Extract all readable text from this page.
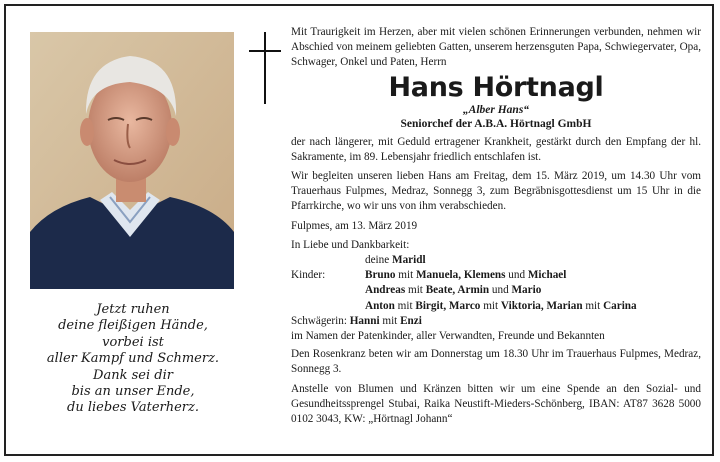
Jetzt ruhen
deine fleißigen Hände,
vorbei ist
aller Kampf und Schmerz.
Dank sei dir
bis an unser Ende,
du liebes Vaterherz.
Mit Traurigkeit im Herzen, aber mit vielen schönen Erinnerungen verbunden, nehmen wir Abschied von meinem geliebten Gatten, unserem herzensguten Papa, Schwiegervater, Opa, Schwager, Onkel und Paten, Herrn
Hans Hörtnagl
„Alber Hans“
Seniorchef der A.B.A. Hörtnagl GmbH
der nach längerer, mit Geduld ertragener Krankheit, gestärkt durch den Empfang der hl. Sakramente, im 89. Lebensjahr friedlich entschlafen ist.
Wir begleiten unseren lieben Hans am Freitag, dem 15. März 2019, um 14.30 Uhr vom Trauerhaus Fulpmes, Medraz, Sonnegg 3, zum Begräbnisgottesdienst um 15 Uhr in die Pfarrkirche, wo wir uns von ihm verabschieden.
Fulpmes, am 13. März 2019
In Liebe und Dankbarkeit:
deine Maridl
Kinder:	Bruno mit Manuela, Klemens und Michael
Andreas mit Beate, Armin und Mario
Anton mit Birgit, Marco mit Viktoria, Marian mit Carina
Schwägerin: Hanni mit Enzi
im Namen der Patenkinder, aller Verwandten, Freunde und Bekannten
Den Rosenkranz beten wir am Donnerstag um 18.30 Uhr im Trauerhaus Fulpmes, Medraz, Sonnegg 3.
Anstelle von Blumen und Kränzen bitten wir um eine Spende an den Sozial- und Gesundheitssprengel Stubai, Raika Neustift-Mieders-Schönberg, IBAN: AT87 3628 5000 0102 3043, KW: „Hörtnagl Johann“
